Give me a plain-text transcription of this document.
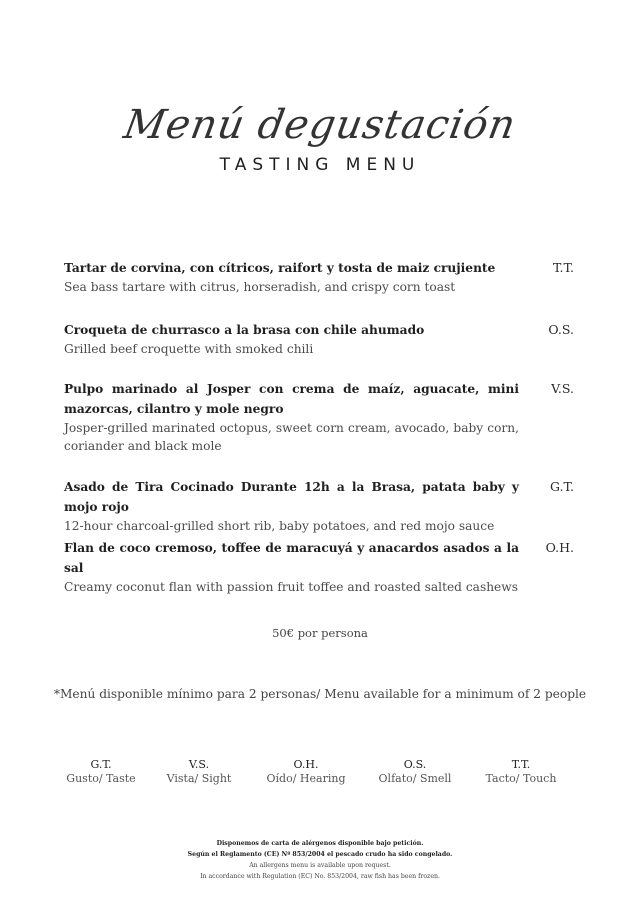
Menú degustación
TASTING MENU
Tartar de corvina, con cítricos, raifort y tosta de maiz crujiente
Sea bass tartare with citrus, horseradish, and crispy corn toast
T.T.
Croqueta de churrasco a la brasa con chile ahumado
Grilled beef croquette with smoked chili
O.S.
Pulpo marinado al Josper con crema de maíz, aguacate, mini mazorcas, cilantro y mole negro
Josper-grilled marinated octopus, sweet corn cream, avocado, baby corn, coriander and black mole
V.S.
Asado de Tira Cocinado Durante 12h a la Brasa, patata baby y mojo rojo
12-hour charcoal-grilled short rib, baby potatoes, and red mojo sauce
G.T.
Flan de coco cremoso, toffee de maracuyá y anacardos asados a la sal
Creamy coconut flan with passion fruit toffee and roasted salted cashews
O.H.
50€ por persona
*Menú disponible mínimo para 2 personas/ Menu available for a minimum of 2 people
G.T.
Gusto/ Taste
V.S.
Vista/ Sight
O.H.
Oído/ Hearing
O.S.
Olfato/ Smell
T.T.
Tacto/ Touch
Disponemos de carta de alérgenos disponible bajo petición.
Según el Reglamento (CE) Nº 853/2004 el pescado crudo ha sido congelado.
An allergens menu is available upon request.
In accordance with Regulation (EC) No. 853/2004, raw fish has been frozen.
